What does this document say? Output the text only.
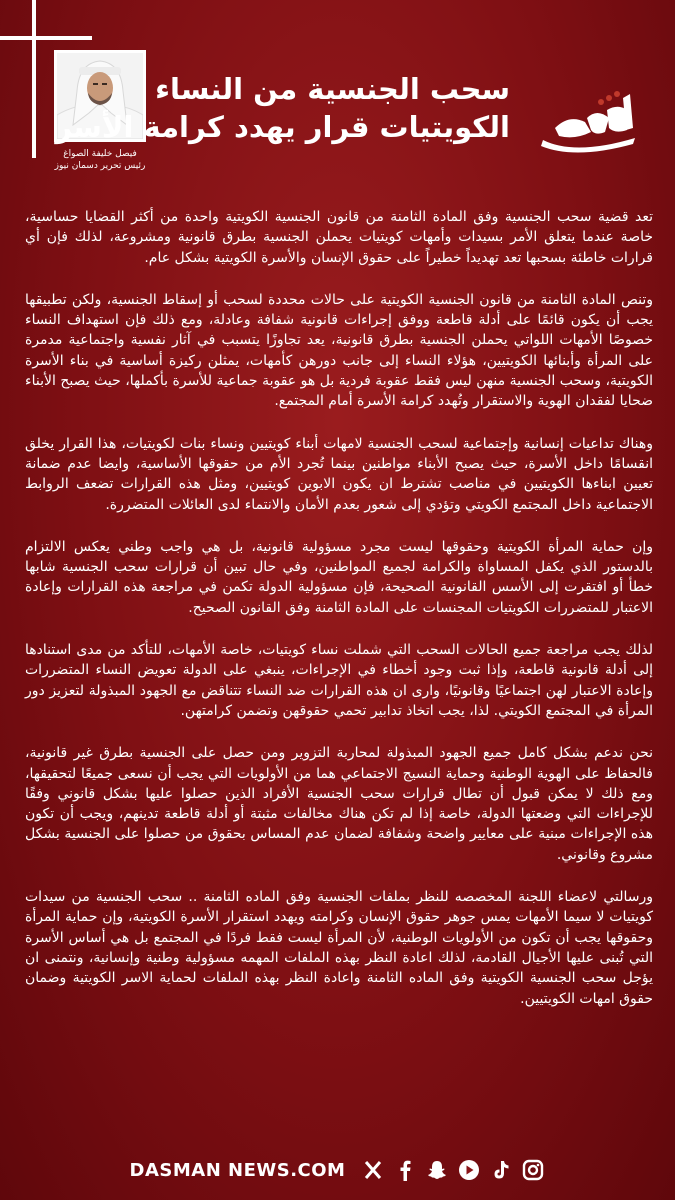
فيصل خليفة الصواغ
رئيس تحرير دسمان نيوز
سحب الجنسية من النساء
الكويتيات قرار يهدد كرامة الأسر

تعد قضية سحب الجنسية وفق المادة الثامنة من قانون الجنسية الكويتية واحدة من أكثر القضايا حساسية، خاصة عندما يتعلق الأمر بسيدات وأمهات كويتيات يحملن الجنسية بطرق قانونية ومشروعة، لذلك فإن أي قرارات خاطئة بسحبها تعد تهديداً خطيراً على حقوق الإنسان والأسرة الكويتية بشكل عام.

وتنص المادة الثامنة من قانون الجنسية الكويتية على حالات محددة لسحب أو إسقاط الجنسية، ولكن تطبيقها يجب أن يكون قائمًا على أدلة قاطعة ووفق إجراءات قانونية شفافة وعادلة، ومع ذلك فإن استهداف النساء خصوصًا الأمهات اللواتي يحملن الجنسية بطرق قانونية، يعد تجاوزًا يتسبب في آثار نفسية واجتماعية مدمرة على المرأة وأبنائها الكويتيين، هؤلاء النساء إلى جانب دورهن كأمهات، يمثلن ركيزة أساسية في بناء الأسرة الكويتية، وسحب الجنسية منهن ليس فقط عقوبة فردية بل هو عقوبة جماعية للأسرة بأكملها، حيث يصبح الأبناء ضحايا لفقدان الهوية والاستقرار وتُهدد كرامة الأسرة أمام المجتمع.

وهناك تداعيات إنسانية وإجتماعية لسحب الجنسية لامهات أبناء كويتيين ونساء بنات لكويتيات، هذا القرار يخلق انقسامًا داخل الأسرة، حيث يصبح الأبناء مواطنين بينما تُجرد الأم من حقوقها الأساسية، وايضا عدم ضمانة تعيين ابناءها الكويتيين في مناصب تشترط ان يكون الابوين كويتيين، ومثل هذه القرارات تضعف الروابط الاجتماعية داخل المجتمع الكويتي وتؤدي إلى شعور بعدم الأمان والانتماء لدى العائلات المتضررة.

وإن حماية المرأة الكويتية وحقوقها ليست مجرد مسؤولية قانونية، بل هي واجب وطني يعكس الالتزام بالدستور الذي يكفل المساواة والكرامة لجميع المواطنين، وفي حال تبين أن قرارات سحب الجنسية شابها خطأ أو افتقرت إلى الأسس القانونية الصحيحة، فإن مسؤولية الدولة تكمن في مراجعة هذه القرارات وإعادة الاعتبار للمتضررات الكويتيات المجنسات على المادة الثامنة وفق القانون الصحيح.

لذلك يجب مراجعة جميع الحالات السحب التي شملت نساء كويتيات، خاصة الأمهات، للتأكد من مدى استنادها إلى أدلة قانونية قاطعة، وإذا ثبت وجود أخطاء في الإجراءات، ينبغي على الدولة تعويض النساء المتضررات وإعادة الاعتبار لهن اجتماعيًا وقانونيًا، وارى ان هذه القرارات ضد النساء تتناقض مع الجهود المبذولة لتعزيز دور المرأة في المجتمع الكويتي. لذا، يجب اتخاذ تدابير تحمي حقوقهن وتضمن كرامتهن.

نحن ندعم بشكل كامل جميع الجهود المبذولة لمحاربة التزوير ومن حصل على الجنسية بطرق غير قانونية، فالحفاظ على الهوية الوطنية وحماية النسيج الاجتماعي هما من الأولويات التي يجب أن نسعى جميعًا لتحقيقها، ومع ذلك لا يمكن قبول أن تطال قرارات سحب الجنسية الأفراد الذين حصلوا عليها بشكل قانوني وفقًا للإجراءات التي وضعتها الدولة، خاصة إذا لم تكن هناك مخالفات مثبتة أو أدلة قاطعة تدينهم، ويجب أن تكون هذه الإجراءات مبنية على معايير واضحة وشفافة لضمان عدم المساس بحقوق من حصلوا على الجنسية بشكل مشروع وقانوني.

ورسالتي لاعضاء اللجنة المخصصه للنظر بملفات الجنسية وفق الماده الثامنة .. سحب الجنسية من سيدات كويتيات لا سيما الأمهات يمس جوهر حقوق الإنسان وكرامته ويهدد استقرار الأسرة الكويتية، وإن حماية المرأة وحقوقها يجب أن تكون من الأولويات الوطنية، لأن المرأة ليست فقط فردًا في المجتمع بل هي أساس الأسرة التي تُبنى عليها الأجيال القادمة، لذلك اعادة النظر بهذه الملفات المهمه مسؤولية وطنية وإنسانية، ونتمنى ان يؤجل سحب الجنسية الكويتية وفق الماده الثامنة واعادة النظر بهذه الملفات لحماية الاسر الكويتية وضمان حقوق امهات الكويتيين.

DASMAN NEWS.COM
